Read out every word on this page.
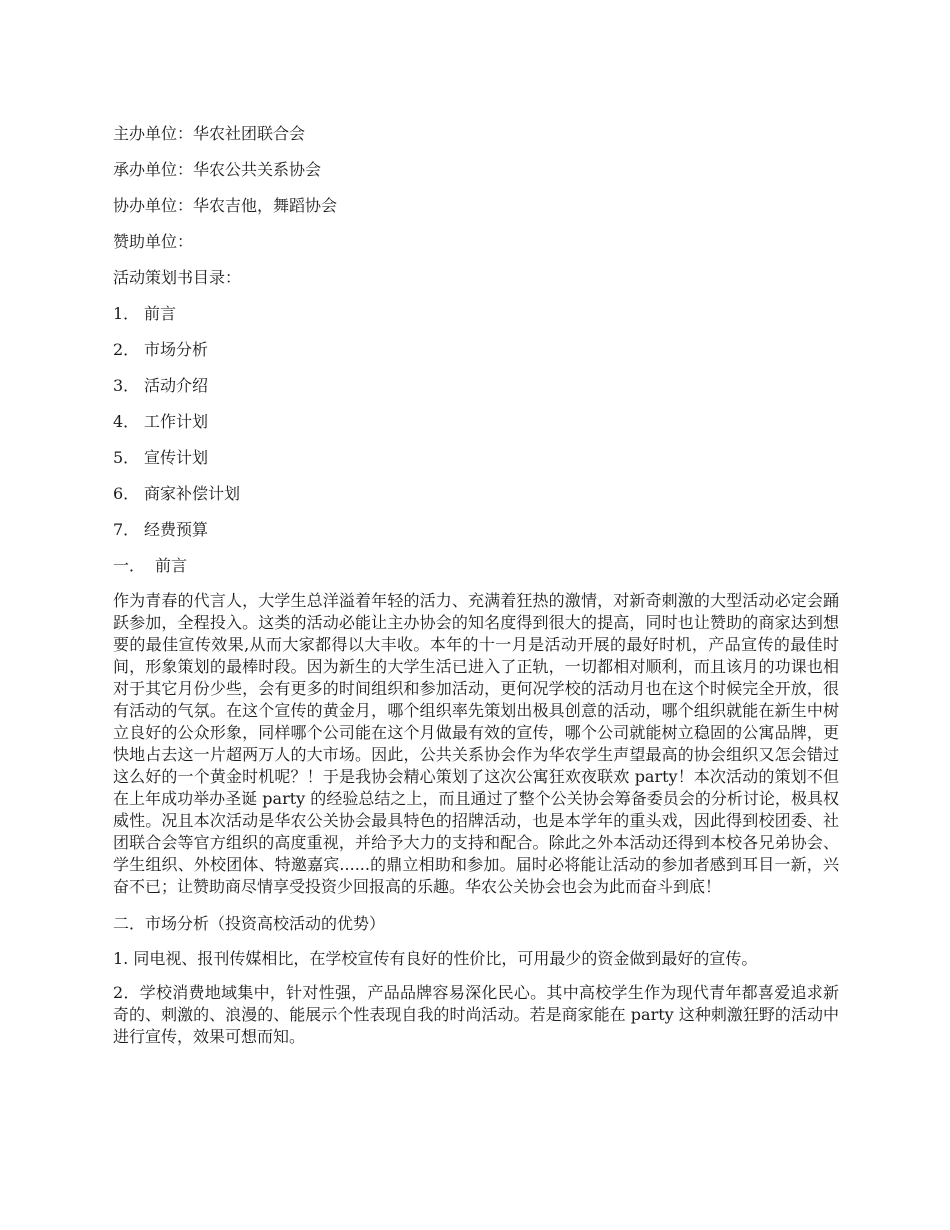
主办单位：华农社团联合会
承办单位：华农公共关系协会
协办单位：华农吉他，舞蹈协会
赞助单位：
活动策划书目录：
1． 前言
2． 市场分析
3． 活动介绍
4． 工作计划
5． 宣传计划
6． 商家补偿计划
7． 经费预算
一． 前言

作为青春的代言人，大学生总洋溢着年轻的活力、充满着狂热的激情，对新奇刺激的大型活动必定会踊跃参加，全程投入。这类的活动必能让主办协会的知名度得到很大的提高，同时也让赞助的商家达到想要的最佳宣传效果,从而大家都得以大丰收。本年的十一月是活动开展的最好时机，产品宣传的最佳时间，形象策划的最棒时段。因为新生的大学生活已进入了正轨，一切都相对顺利，而且该月的功课也相对于其它月份少些，会有更多的时间组织和参加活动，更何况学校的活动月也在这个时候完全开放，很有活动的气氛。在这个宣传的黄金月，哪个组织率先策划出极具创意的活动，哪个组织就能在新生中树立良好的公众形象，同样哪个公司能在这个月做最有效的宣传，哪个公司就能树立稳固的公寓品牌，更快地占去这一片超两万人的大市场。因此，公共关系协会作为华农学生声望最高的协会组织又怎会错过这么好的一个黄金时机呢？！于是我协会精心策划了这次公寓狂欢夜联欢 party！本次活动的策划不但在上年成功举办圣诞 party 的经验总结之上，而且通过了整个公关协会筹备委员会的分析讨论，极具权威性。况且本次活动是华农公关协会最具特色的招牌活动，也是本学年的重头戏，因此得到校团委、社团联合会等官方组织的高度重视，并给予大力的支持和配合。除此之外本活动还得到本校各兄弟协会、学生组织、外校团体、特邀嘉宾......的鼎立相助和参加。届时必将能让活动的参加者感到耳目一新，兴奋不已；让赞助商尽情享受投资少回报高的乐趣。华农公关协会也会为此而奋斗到底！

二．市场分析（投资高校活动的优势）

1. 同电视、报刊传媒相比，在学校宣传有良好的性价比，可用最少的资金做到最好的宣传。

2．学校消费地域集中，针对性强，产品品牌容易深化民心。其中高校学生作为现代青年都喜爱追求新奇的、刺激的、浪漫的、能展示个性表现自我的时尚活动。若是商家能在 party 这种刺激狂野的活动中进行宣传，效果可想而知。
